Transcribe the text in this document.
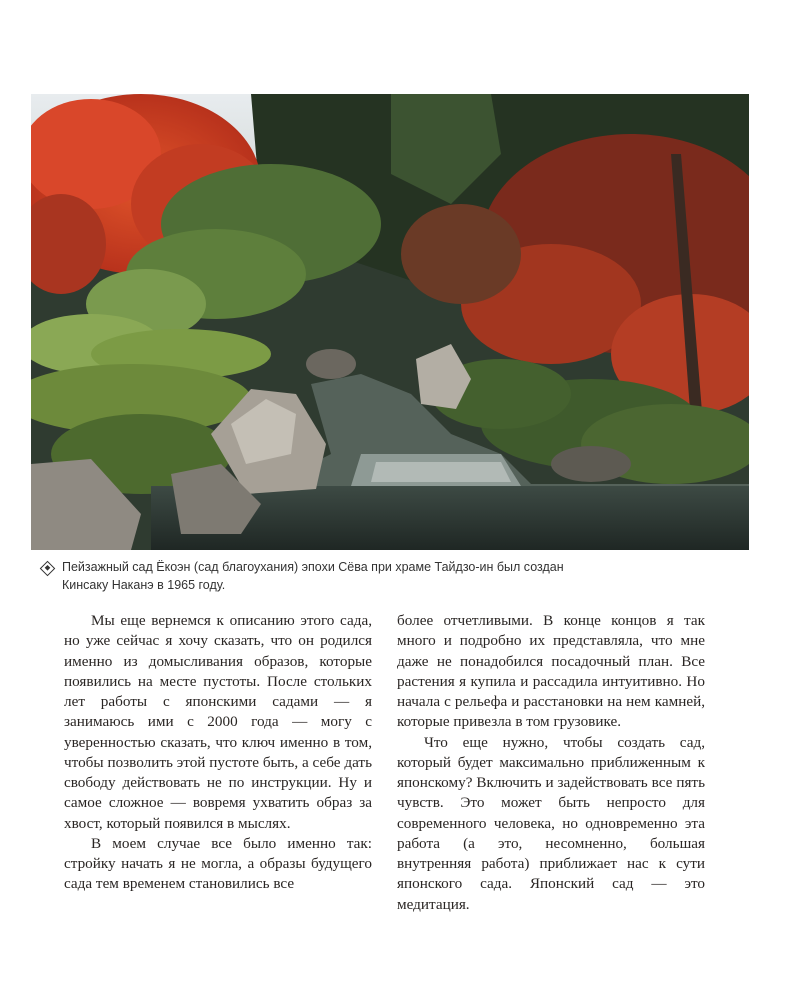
Пейзажный сад Ёкоэн (сад благоухания) эпохи Сёва при храме Тайдзо-ин был создан
Кинсаку Наканэ в 1965 году.

Мы еще вернемся к описанию этого сада, но уже сейчас я хочу сказать, что он родился именно из домысливания образов, которые появились на месте пустоты. После стольких лет работы с японскими садами — я занимаюсь ими с 2000 года — могу с уверенностью сказать, что ключ именно в том, чтобы позволить этой пустоте быть, а себе дать свободу действовать не по инструкции. Ну и самое сложное — вовремя ухватить образ за хвост, который появился в мыслях.

В моем случае все было именно так: стройку начать я не могла, а образы будущего сада тем временем становились все

более отчетливыми. В конце концов я так много и подробно их представляла, что мне даже не понадобился посадочный план. Все растения я купила и рассадила интуитивно. Но начала с рельефа и расстановки на нем камней, которые привезла в том грузовике.

Что еще нужно, чтобы создать сад, который будет максимально приближенным к японскому? Включить и задействовать все пять чувств. Это может быть непросто для современного человека, но одновременно эта работа (а это, несомненно, большая внутренняя работа) приближает нас к сути японского сада. Японский сад — это медитация.
